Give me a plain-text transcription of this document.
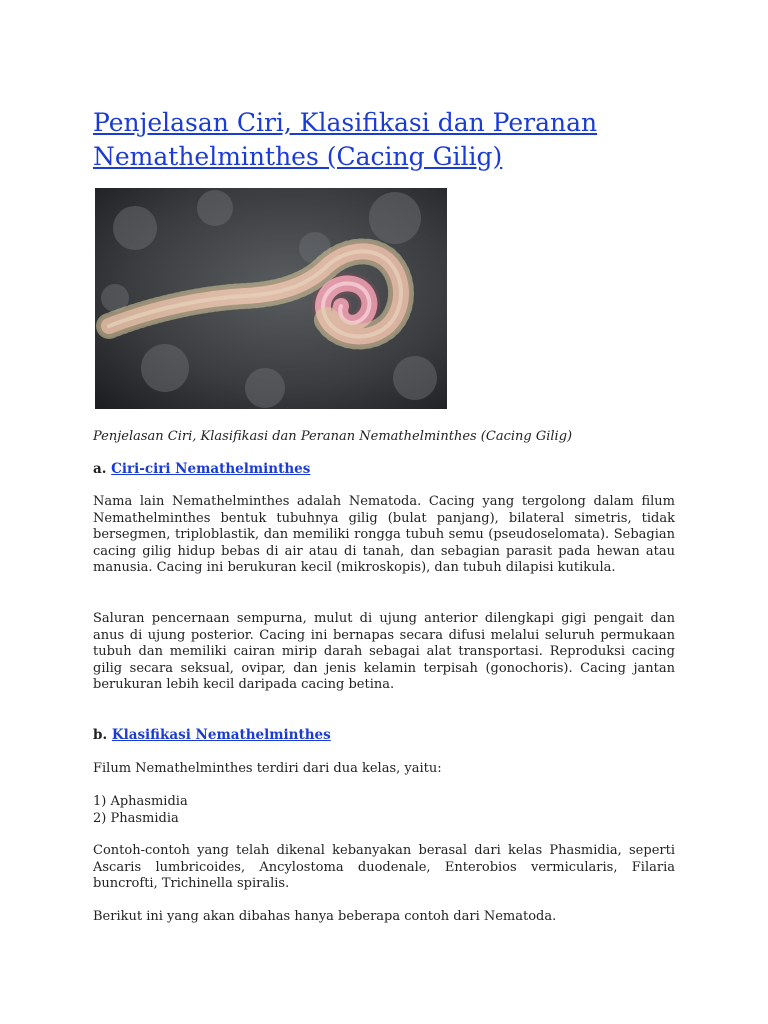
Penjelasan Ciri, Klasifikasi dan Peranan Nemathelminthes (Cacing Gilig)

Penjelasan Ciri, Klasifikasi dan Peranan Nemathelminthes (Cacing Gilig)

a. Ciri-ciri Nemathelminthes

Nama lain Nemathelminthes adalah Nematoda. Cacing yang tergolong dalam filum Nemathelminthes bentuk tubuhnya gilig (bulat panjang), bilateral simetris, tidak bersegmen, triploblastik, dan memiliki rongga tubuh semu (pseudoselomata). Sebagian cacing gilig hidup bebas di air atau di tanah, dan sebagian parasit pada hewan atau manusia. Cacing ini berukuran kecil (mikroskopis), dan tubuh dilapisi kutikula.

Saluran pencernaan sempurna, mulut di ujung anterior dilengkapi gigi pengait dan anus di ujung posterior. Cacing ini bernapas secara difusi melalui seluruh permukaan tubuh dan memiliki cairan mirip darah sebagai alat transportasi. Reproduksi cacing gilig secara seksual, ovipar, dan jenis kelamin terpisah (gonochoris). Cacing jantan berukuran lebih kecil daripada cacing betina.

b. Klasifikasi Nemathelminthes

Filum Nemathelminthes terdiri dari dua kelas, yaitu:

1) Aphasmidia
2) Phasmidia

Contoh-contoh yang telah dikenal kebanyakan berasal dari kelas Phasmidia, seperti Ascaris lumbricoides, Ancylostoma duodenale, Enterobios vermicularis, Filaria buncrofti, Trichinella spiralis.

Berikut ini yang akan dibahas hanya beberapa contoh dari Nematoda.
